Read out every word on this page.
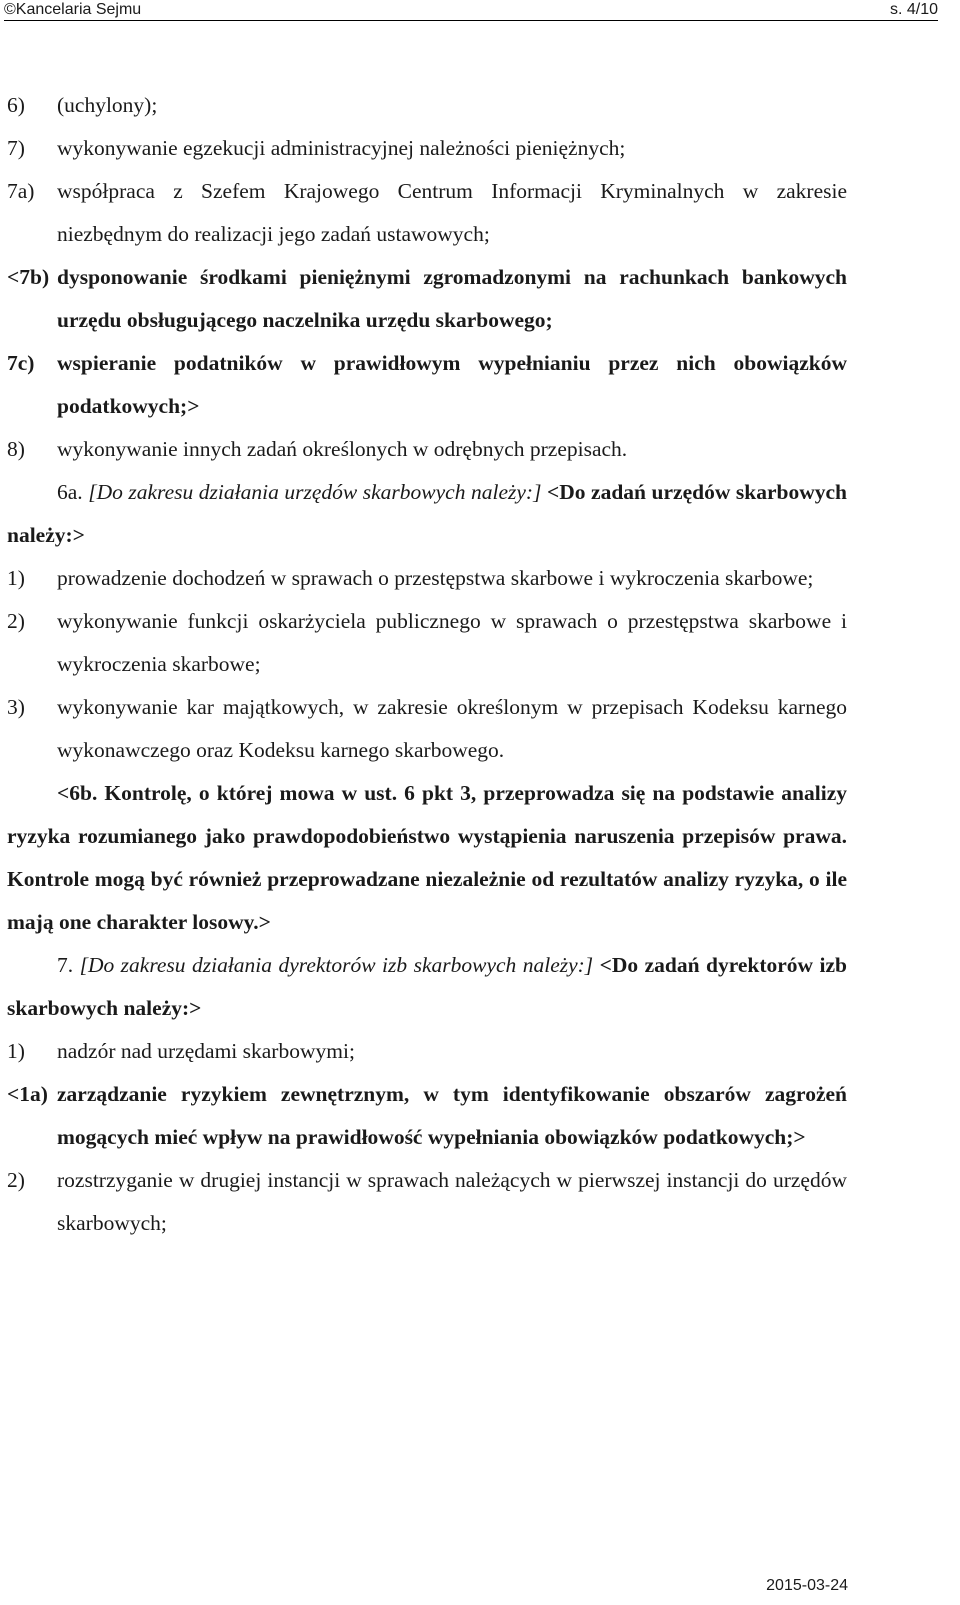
©Kancelaria Sejmu	s. 4/10
6)	(uchylony);
7)	wykonywanie egzekucji administracyjnej należności pieniężnych;
7a)	współpraca z Szefem Krajowego Centrum Informacji Kryminalnych w zakresie niezbędnym do realizacji jego zadań ustawowych;
<7b) dysponowanie środkami pieniężnymi zgromadzonymi na rachunkach bankowych urzędu obsługującego naczelnika urzędu skarbowego;
7c)	wspieranie podatników w prawidłowym wypełnianiu przez nich obowiązków podatkowych;>
8)	wykonywanie innych zadań określonych w odrębnych przepisach.

6a. [Do zakresu działania urzędów skarbowych należy:] <Do zadań urzędów skarbowych należy:>

1)	prowadzenie dochodzeń w sprawach o przestępstwa skarbowe i wykroczenia skarbowe;
2)	wykonywanie funkcji oskarżyciela publicznego w sprawach o przestępstwa skarbowe i wykroczenia skarbowe;
3)	wykonywanie kar majątkowych, w zakresie określonym w przepisach Kodeksu karnego wykonawczego oraz Kodeksu karnego skarbowego.

<6b. Kontrolę, o której mowa w ust. 6 pkt 3, przeprowadza się na podstawie analizy ryzyka rozumianego jako prawdopodobieństwo wystąpienia naruszenia przepisów prawa. Kontrole mogą być również przeprowadzane niezależnie od rezultatów analizy ryzyka, o ile mają one charakter losowy.>

7. [Do zakresu działania dyrektorów izb skarbowych należy:] <Do zadań dyrektorów izb skarbowych należy:>

1)	nadzór nad urzędami skarbowymi;
<1a) zarządzanie ryzykiem zewnętrznym, w tym identyfikowanie obszarów zagrożeń mogących mieć wpływ na prawidłowość wypełniania obowiązków podatkowych;>
2)	rozstrzyganie w drugiej instancji w sprawach należących w pierwszej instancji do urzędów skarbowych;
2015-03-24
